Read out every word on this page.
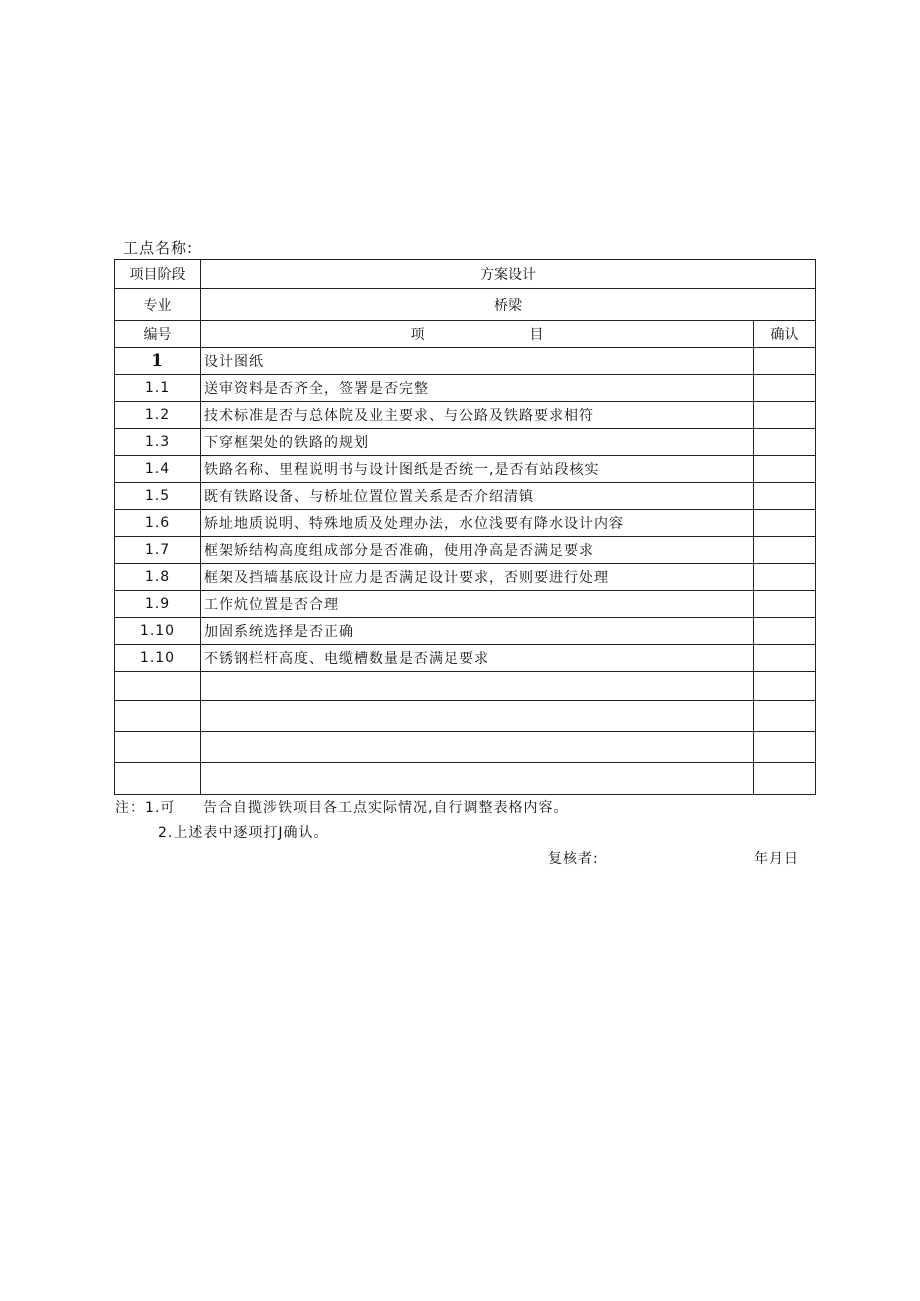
工点名称:
项目阶段	方案设计	
专业	桥梁	
编号	项 目	确认
1	设计图纸	
1.1	送审资料是否齐全，签署是否完整	
1.2	技术标准是否与总体院及业主要求、与公路及铁路要求相符	
1.3	下穿框架处的铁路的规划	
1.4	铁路名称、里程说明书与设计图纸是否统一,是否有站段核实	
1.5	既有铁路设备、与桥址位置位置关系是否介绍清镇	
1.6	矫址地质说明、特殊地质及处理办法，水位浅要有降水设计内容	
1.7	框架矫结构高度组成部分是否准确，使用净高是否满足要求	
1.8	框架及挡墙基底设计应力是否满足设计要求，否则要进行处理	
1.9	工作炕位置是否合理	
1.10	加固系统选择是否正确	
1.10	不锈钢栏杆高度、电缆槽数量是否满足要求	

注：1.可 告合自揽涉铁项目各工点实际情况,自行调整表格内容。
2.上述表中逐项打J确认。
复核者:	年月日
